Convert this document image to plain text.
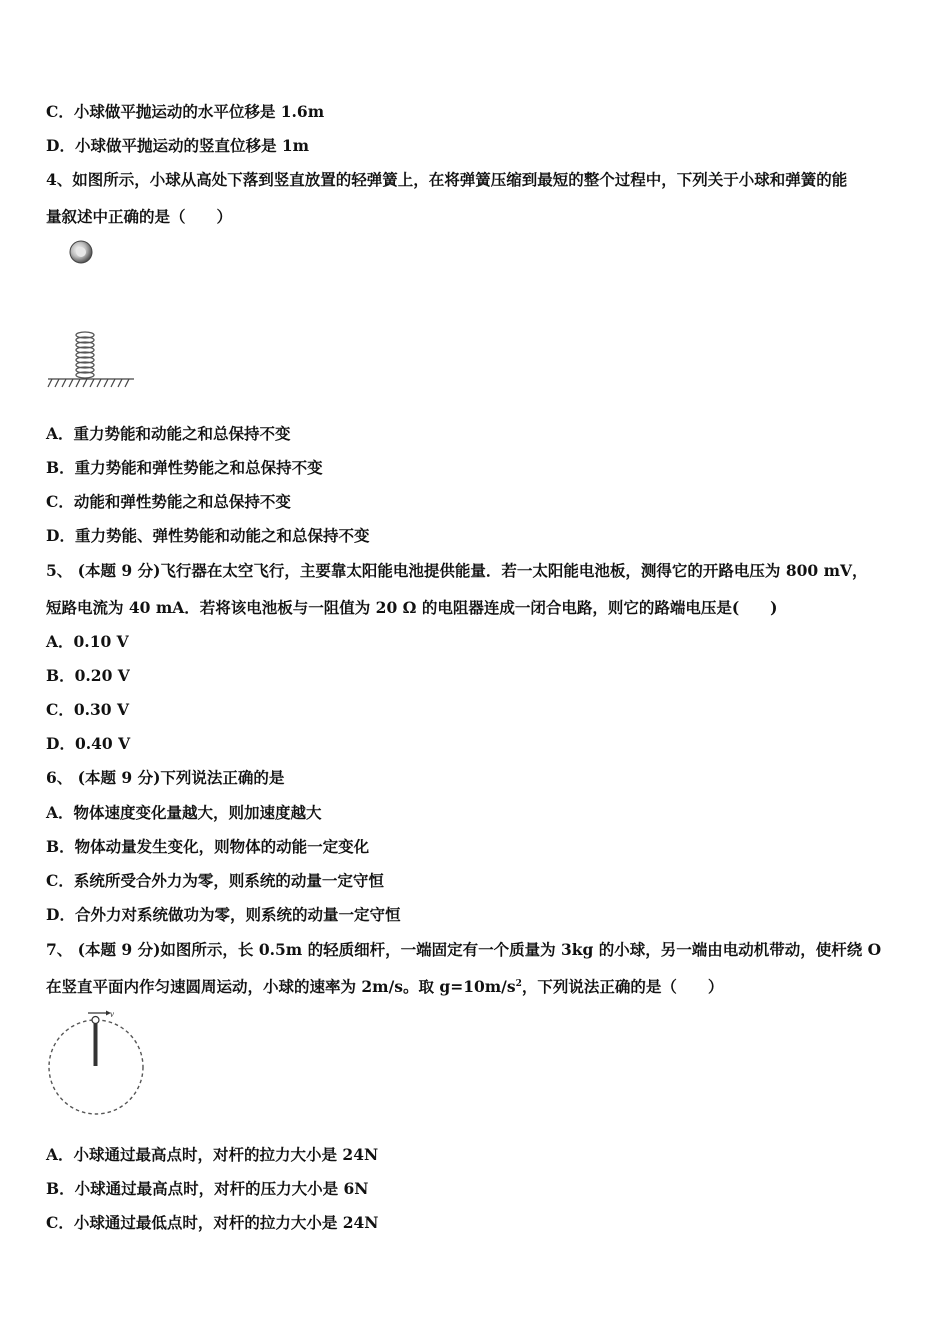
C．小球做平抛运动的水平位移是 1.6m
D．小球做平抛运动的竖直位移是 1m
4、如图所示，小球从高处下落到竖直放置的轻弹簧上，在将弹簧压缩到最短的整个过程中，下列关于小球和弹簧的能
量叙述中正确的是（　　）
A．重力势能和动能之和总保持不变
B．重力势能和弹性势能之和总保持不变
C．动能和弹性势能之和总保持不变
D．重力势能、弹性势能和动能之和总保持不变
5、 (本题 9 分)飞行器在太空飞行，主要靠太阳能电池提供能量．若一太阳能电池板，测得它的开路电压为 800 mV，
短路电流为 40 mA．若将该电池板与一阻值为 20 Ω 的电阻器连成一闭合电路，则它的路端电压是(　　)
A．0.10 V
B．0.20 V
C．0.30 V
D．0.40 V
6、 (本题 9 分)下列说法正确的是
A．物体速度变化量越大，则加速度越大
B．物体动量发生变化，则物体的动能一定变化
C．系统所受合外力为零，则系统的动量一定守恒
D．合外力对系统做功为零，则系统的动量一定守恒
7、 (本题 9 分)如图所示，长 0.5m 的轻质细杆，一端固定有一个质量为 3kg 的小球，另一端由电动机带动，使杆绕 O
在竖直平面内作匀速圆周运动，小球的速率为 2m/s。取 $g=10m/s^2$，下列说法正确的是（　　）
v
A．小球通过最高点时，对杆的拉力大小是 24N
B．小球通过最高点时，对杆的压力大小是 6N
C．小球通过最低点时，对杆的拉力大小是 24N
